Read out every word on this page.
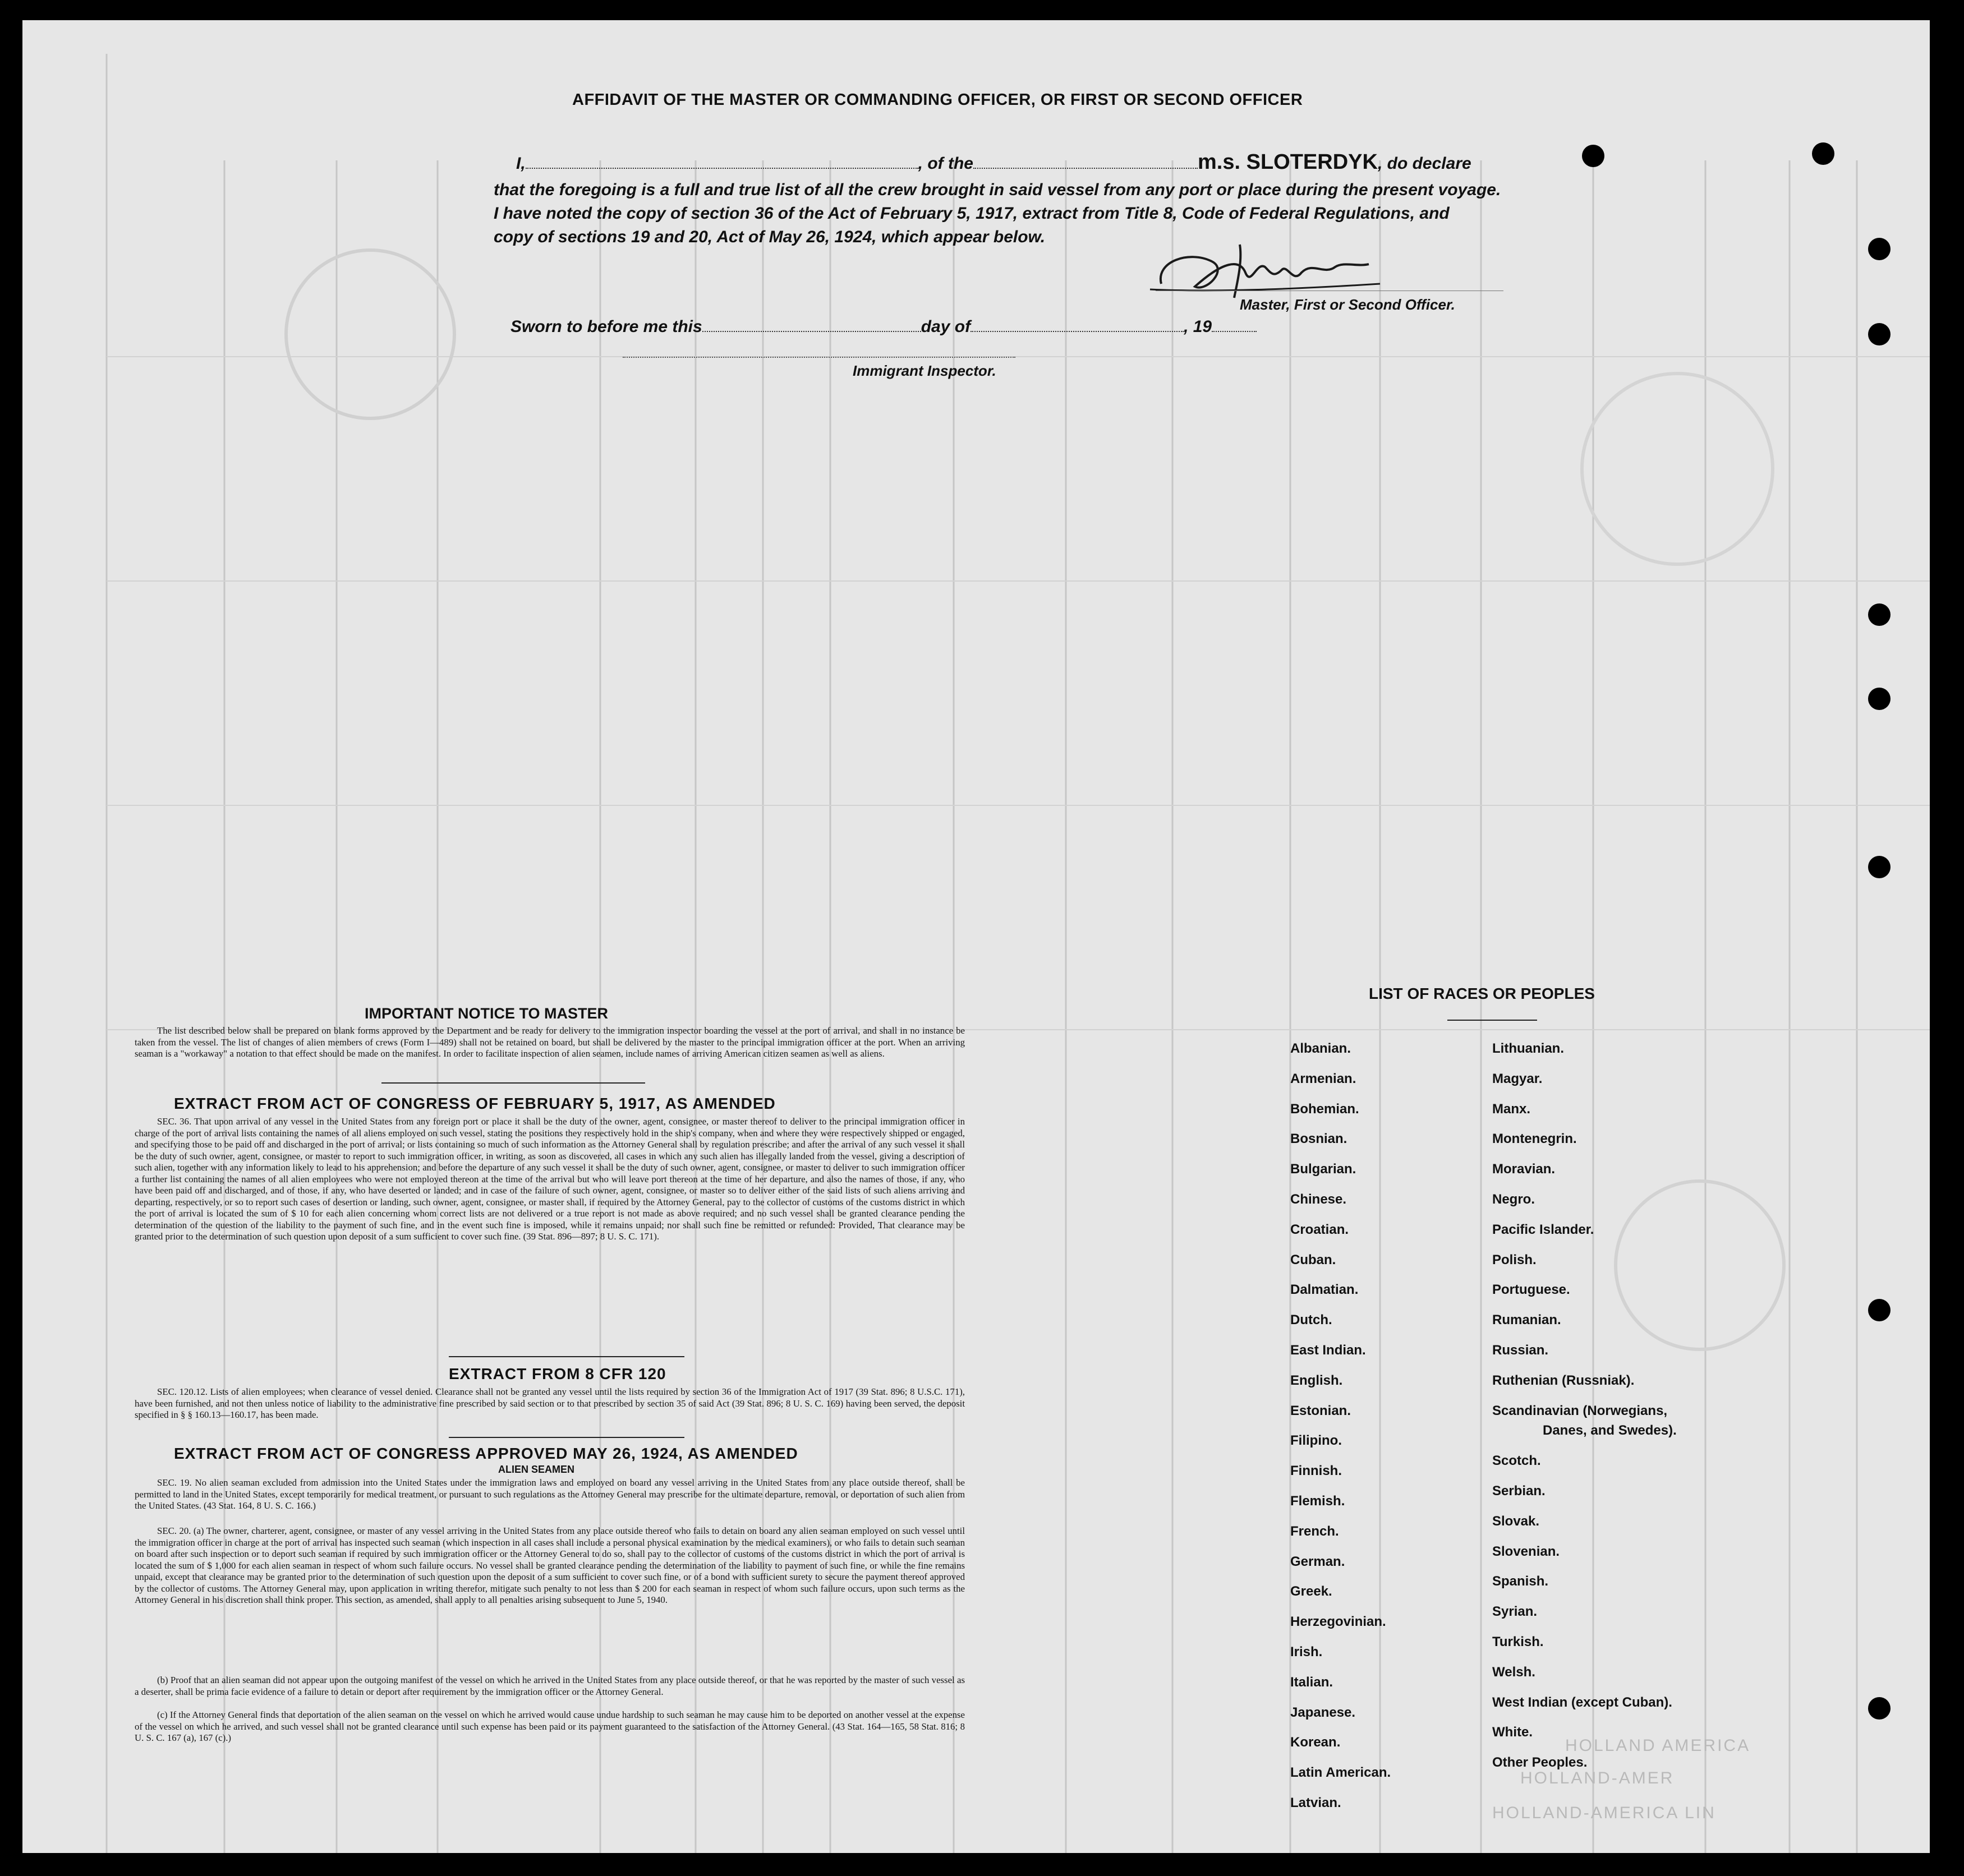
AFFIDAVIT OF THE MASTER OR COMMANDING OFFICER, OR FIRST OR SECOND OFFICER
I,	, of the	m.s. SLOTERDYK, do declare
that the foregoing is a full and true list of all the crew brought in said vessel from any port or place during the present voyage.
I have noted the copy of section 36 of the Act of February 5, 1917, extract from Title 8, Code of Federal Regulations, and
copy of sections 19 and 20, Act of May 26, 1924, which appear below.
Master, First or Second Officer.
Sworn to before me this	day of	, 19
Immigrant Inspector.
IMPORTANT NOTICE TO MASTER
The list described below shall be prepared on blank forms approved by the Department and be ready for delivery to the immigration inspector boarding the vessel at the port of arrival, and shall in no instance be taken from the vessel. The list of changes of alien members of crews (Form I—489) shall not be retained on board, but shall be delivered by the master to the principal immigration officer at the port. When an arriving seaman is a "workaway" a notation to that effect should be made on the manifest. In order to facilitate inspection of alien seamen, include names of arriving American citizen seamen as well as aliens.
EXTRACT FROM ACT OF CONGRESS OF FEBRUARY 5, 1917, AS AMENDED
SEC. 36. That upon arrival of any vessel in the United States from any foreign port or place it shall be the duty of the owner, agent, consignee, or master thereof to deliver to the principal immigration officer in charge of the port of arrival lists containing the names of all aliens employed on such vessel, stating the positions they respectively hold in the ship's company, when and where they were respectively shipped or engaged, and specifying those to be paid off and discharged in the port of arrival; or lists containing so much of such information as the Attorney General shall by regulation prescribe; and after the arrival of any such vessel it shall be the duty of such owner, agent, consignee, or master to report to such immigration officer, in writing, as soon as discovered, all cases in which any such alien has illegally landed from the vessel, giving a description of such alien, together with any information likely to lead to his apprehension; and before the departure of any such vessel it shall be the duty of such owner, agent, consignee, or master to deliver to such immigration officer a further list containing the names of all alien employees who were not employed thereon at the time of the arrival but who will leave port thereon at the time of her departure, and also the names of those, if any, who have been paid off and discharged, and of those, if any, who have deserted or landed; and in case of the failure of such owner, agent, consignee, or master so to deliver either of the said lists of such aliens arriving and departing, respectively, or so to report such cases of desertion or landing, such owner, agent, consignee, or master shall, if required by the Attorney General, pay to the collector of customs of the customs district in which the port of arrival is located the sum of $ 10 for each alien concerning whom correct lists are not delivered or a true report is not made as above required; and no such vessel shall be granted clearance pending the determination of the question of the liability to the payment of such fine, and in the event such fine is imposed, while it remains unpaid; nor shall such fine be remitted or refunded: Provided, That clearance may be granted prior to the determination of such question upon deposit of a sum sufficient to cover such fine. (39 Stat. 896—897; 8 U. S. C. 171).
EXTRACT FROM 8 CFR 120
SEC. 120.12. Lists of alien employees; when clearance of vessel denied. Clearance shall not be granted any vessel until the lists required by section 36 of the Immigration Act of 1917 (39 Stat. 896; 8 U.S.C. 171), have been furnished, and not then unless notice of liability to the administrative fine prescribed by said section or to that prescribed by section 35 of said Act (39 Stat. 896; 8 U. S. C. 169) having been served, the deposit specified in § § 160.13—160.17, has been made.
EXTRACT FROM ACT OF CONGRESS APPROVED MAY 26, 1924, AS AMENDED
ALIEN SEAMEN
SEC. 19. No alien seaman excluded from admission into the United States under the immigration laws and employed on board any vessel arriving in the United States from any place outside thereof, shall be permitted to land in the United States, except temporarily for medical treatment, or pursuant to such regulations as the Attorney General may prescribe for the ultimate departure, removal, or deportation of such alien from the United States. (43 Stat. 164, 8 U. S. C. 166.)
SEC. 20. (a) The owner, charterer, agent, consignee, or master of any vessel arriving in the United States from any place outside thereof who fails to detain on board any alien seaman employed on such vessel until the immigration officer in charge at the port of arrival has inspected such seaman (which inspection in all cases shall include a personal physical examination by the medical examiners), or who fails to detain such seaman on board after such inspection or to deport such seaman if required by such immigration officer or the Attorney General to do so, shall pay to the collector of customs of the customs district in which the port of arrival is located the sum of $ 1,000 for each alien seaman in respect of whom such failure occurs. No vessel shall be granted clearance pending the determination of the liability to payment of such fine, or while the fine remains unpaid, except that clearance may be granted prior to the determination of such question upon the deposit of a sum sufficient to cover such fine, or of a bond with sufficient surety to secure the payment thereof approved by the collector of customs. The Attorney General may, upon application in writing therefor, mitigate such penalty to not less than $ 200 for each seaman in respect of whom such failure occurs, upon such terms as the Attorney General in his discretion shall think proper. This section, as amended, shall apply to all penalties arising subsequent to June 5, 1940.
(b) Proof that an alien seaman did not appear upon the outgoing manifest of the vessel on which he arrived in the United States from any place outside thereof, or that he was reported by the master of such vessel as a deserter, shall be prima facie evidence of a failure to detain or deport after requirement by the immigration officer or the Attorney General.
(c) If the Attorney General finds that deportation of the alien seaman on the vessel on which he arrived would cause undue hardship to such seaman he may cause him to be deported on another vessel at the expense of the vessel on which he arrived, and such vessel shall not be granted clearance until such expense has been paid or its payment guaranteed to the satisfaction of the Attorney General. (43 Stat. 164—165, 58 Stat. 816; 8 U. S. C. 167 (a), 167 (c).)
LIST OF RACES OR PEOPLES
HOLLAND AMERICA
HOLLAND-AMER
HOLLAND-AMERICA LIN
Albanian.
Armenian.
Bohemian.
Bosnian.
Bulgarian.
Chinese.
Croatian.
Cuban.
Dalmatian.
Dutch.
East Indian.
English.
Estonian.
Filipino.
Finnish.
Flemish.
French.
German.
Greek.
Herzegovinian.
Irish.
Italian.
Japanese.
Korean.
Latin American.
Latvian.
Lithuanian.
Magyar.
Manx.
Montenegrin.
Moravian.
Negro.
Pacific Islander.
Polish.
Portuguese.
Rumanian.
Russian.
Ruthenian (Russniak).
Scandinavian (Norwegians,
Danes, and Swedes).
Scotch.
Serbian.
Slovak.
Slovenian.
Spanish.
Syrian.
Turkish.
Welsh.
West Indian (except Cuban).
White.
Other Peoples.
